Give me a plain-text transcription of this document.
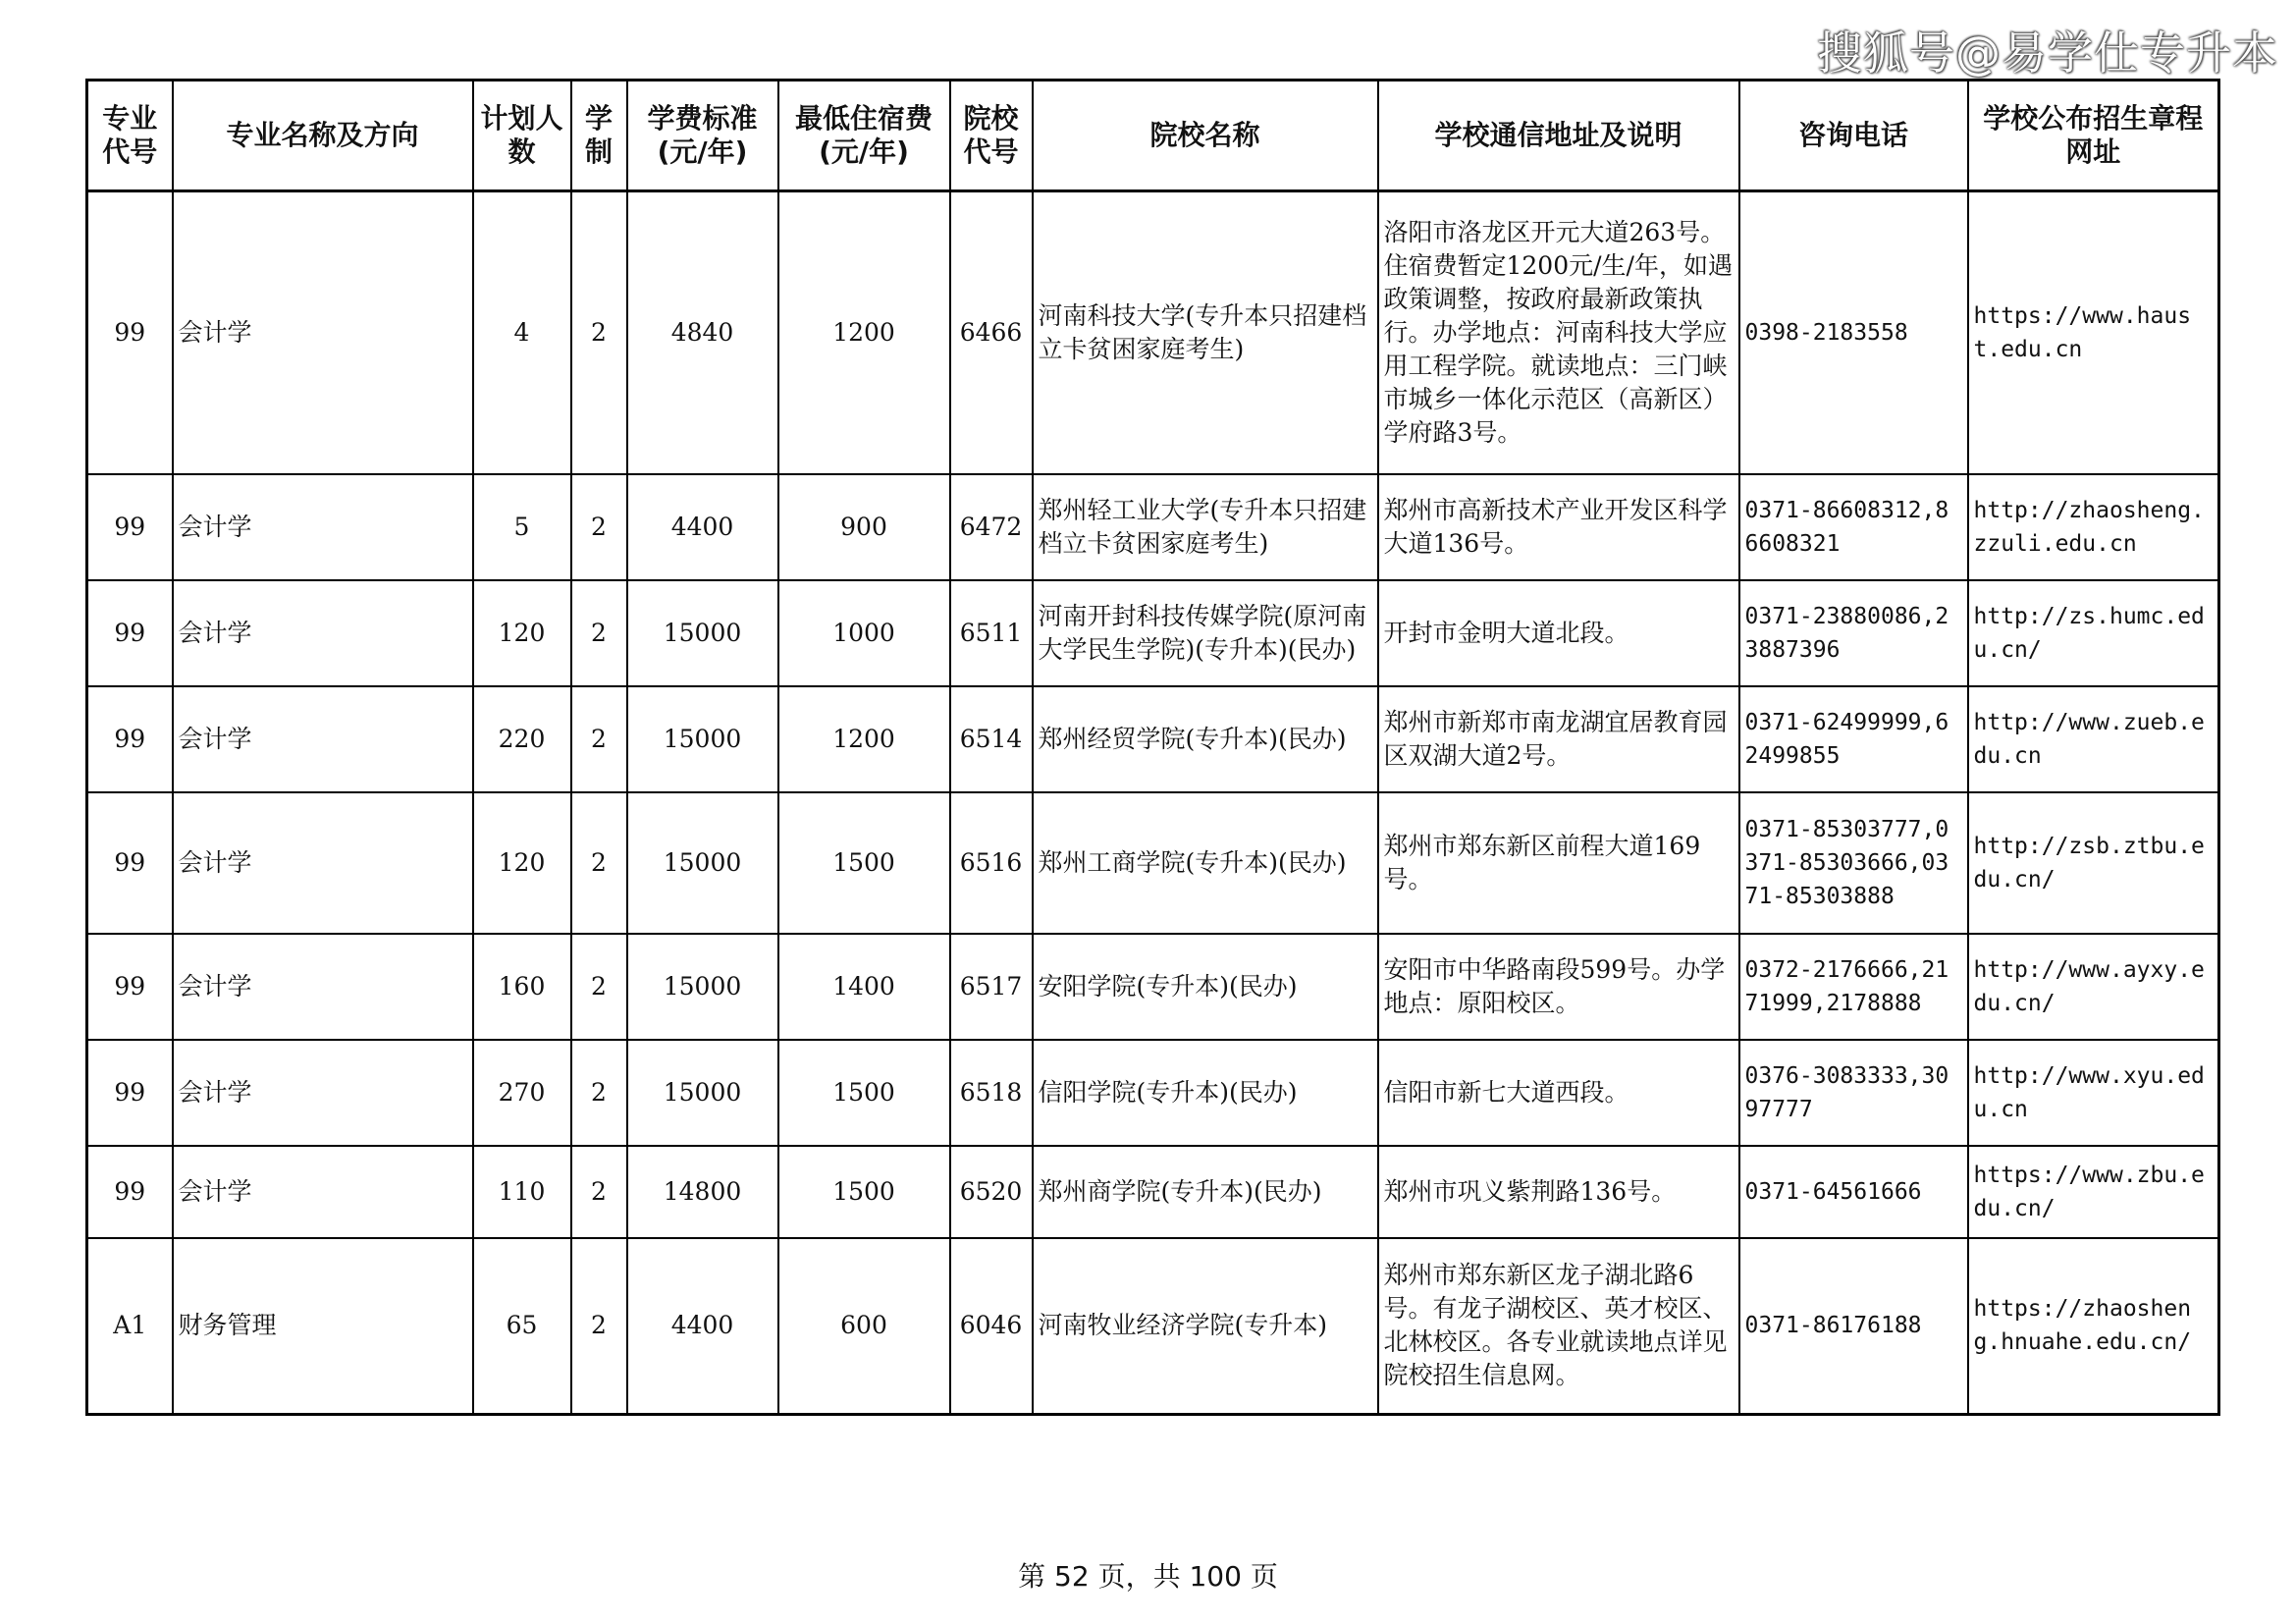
搜狐号@易学仕专升本
专业代号	专业名称及方向	计划人数	学制	学费标准(元/年)	最低住宿费(元/年)	院校代号	院校名称	学校通信地址及说明	咨询电话	学校公布招生章程网址
99	会计学	4	2	4840	1200	6466	河南科技大学(专升本只招建档立卡贫困家庭考生)	洛阳市洛龙区开元大道263号。住宿费暂定1200元/生/年，如遇政策调整，按政府最新政策执行。办学地点：河南科技大学应用工程学院。就读地点：三门峡市城乡一体化示范区（高新区）学府路3号。	0398-2183558	https://www.haust.edu.cn
99	会计学	5	2	4400	900	6472	郑州轻工业大学(专升本只招建档立卡贫困家庭考生)	郑州市高新技术产业开发区科学大道136号。	0371-86608312,86608321	http://zhaosheng.zzuli.edu.cn
99	会计学	120	2	15000	1000	6511	河南开封科技传媒学院(原河南大学民生学院)(专升本)(民办)	开封市金明大道北段。	0371-23880086,23887396	http://zs.humc.edu.cn/
99	会计学	220	2	15000	1200	6514	郑州经贸学院(专升本)(民办)	郑州市新郑市南龙湖宜居教育园区双湖大道2号。	0371-62499999,62499855	http://www.zueb.edu.cn
99	会计学	120	2	15000	1500	6516	郑州工商学院(专升本)(民办)	郑州市郑东新区前程大道169号。	0371-85303777,0371-85303666,0371-85303888	http://zsb.ztbu.edu.cn/
99	会计学	160	2	15000	1400	6517	安阳学院(专升本)(民办)	安阳市中华路南段599号。办学地点：原阳校区。	0372-2176666,2171999,2178888	http://www.ayxy.edu.cn/
99	会计学	270	2	15000	1500	6518	信阳学院(专升本)(民办)	信阳市新七大道西段。	0376-3083333,3097777	http://www.xyu.edu.cn
99	会计学	110	2	14800	1500	6520	郑州商学院(专升本)(民办)	郑州市巩义紫荆路136号。	0371-64561666	https://www.zbu.edu.cn/
A1	财务管理	65	2	4400	600	6046	河南牧业经济学院(专升本)	郑州市郑东新区龙子湖北路6号。有龙子湖校区、英才校区、北林校区。各专业就读地点详见院校招生信息网。	0371-86176188	https://zhaosheng.hnuahe.edu.cn/
第 52 页，共 100 页
